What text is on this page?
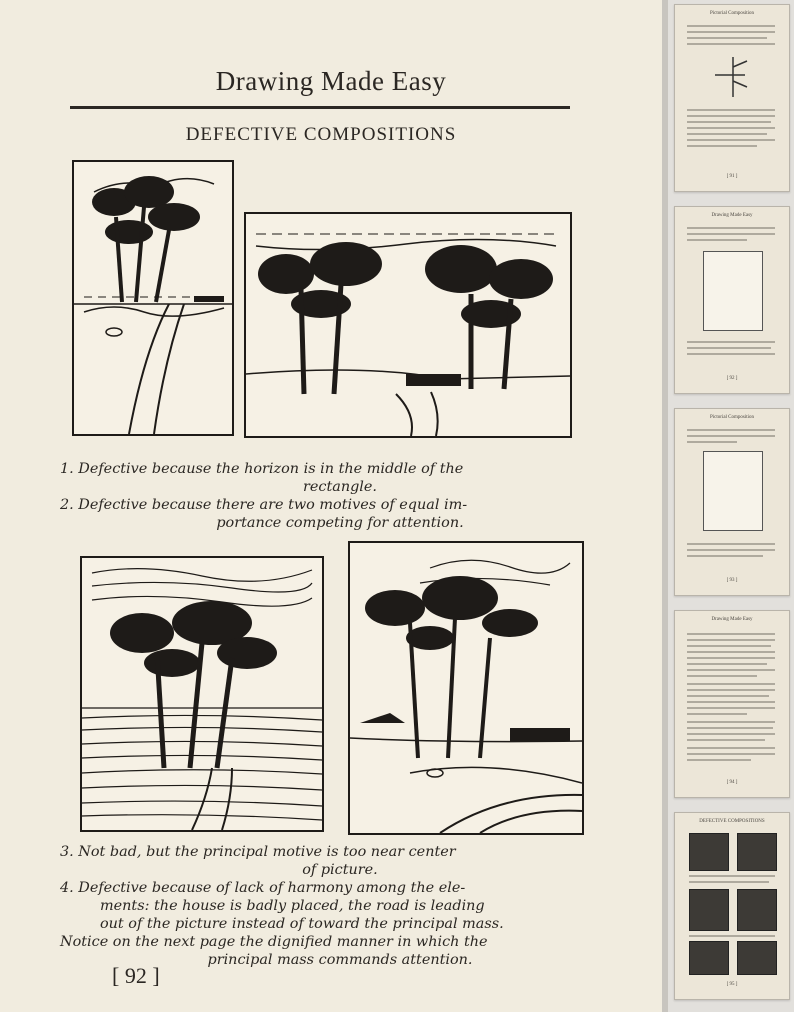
Drawing Made Easy
DEFECTIVE COMPOSITIONS
1. Defective because the horizon is in the middle of the
rectangle.
2. Defective because there are two motives of equal im-
portance competing for attention.
3. Not bad, but the principal motive is too near center
of picture.
4. Defective because of lack of harmony among the ele-
ments: the house is badly placed, the road is leading
out of the picture instead of toward the principal mass.
Notice on the next page the dignified manner in which the
principal mass commands attention.
[ 92 ]
Pictorial Composition
[ 91 ]
Drawing Made Easy
[ 92 ]
Pictorial Composition
[ 93 ]
Drawing Made Easy
[ 94 ]
DEFECTIVE COMPOSITIONS
[ 95 ]
